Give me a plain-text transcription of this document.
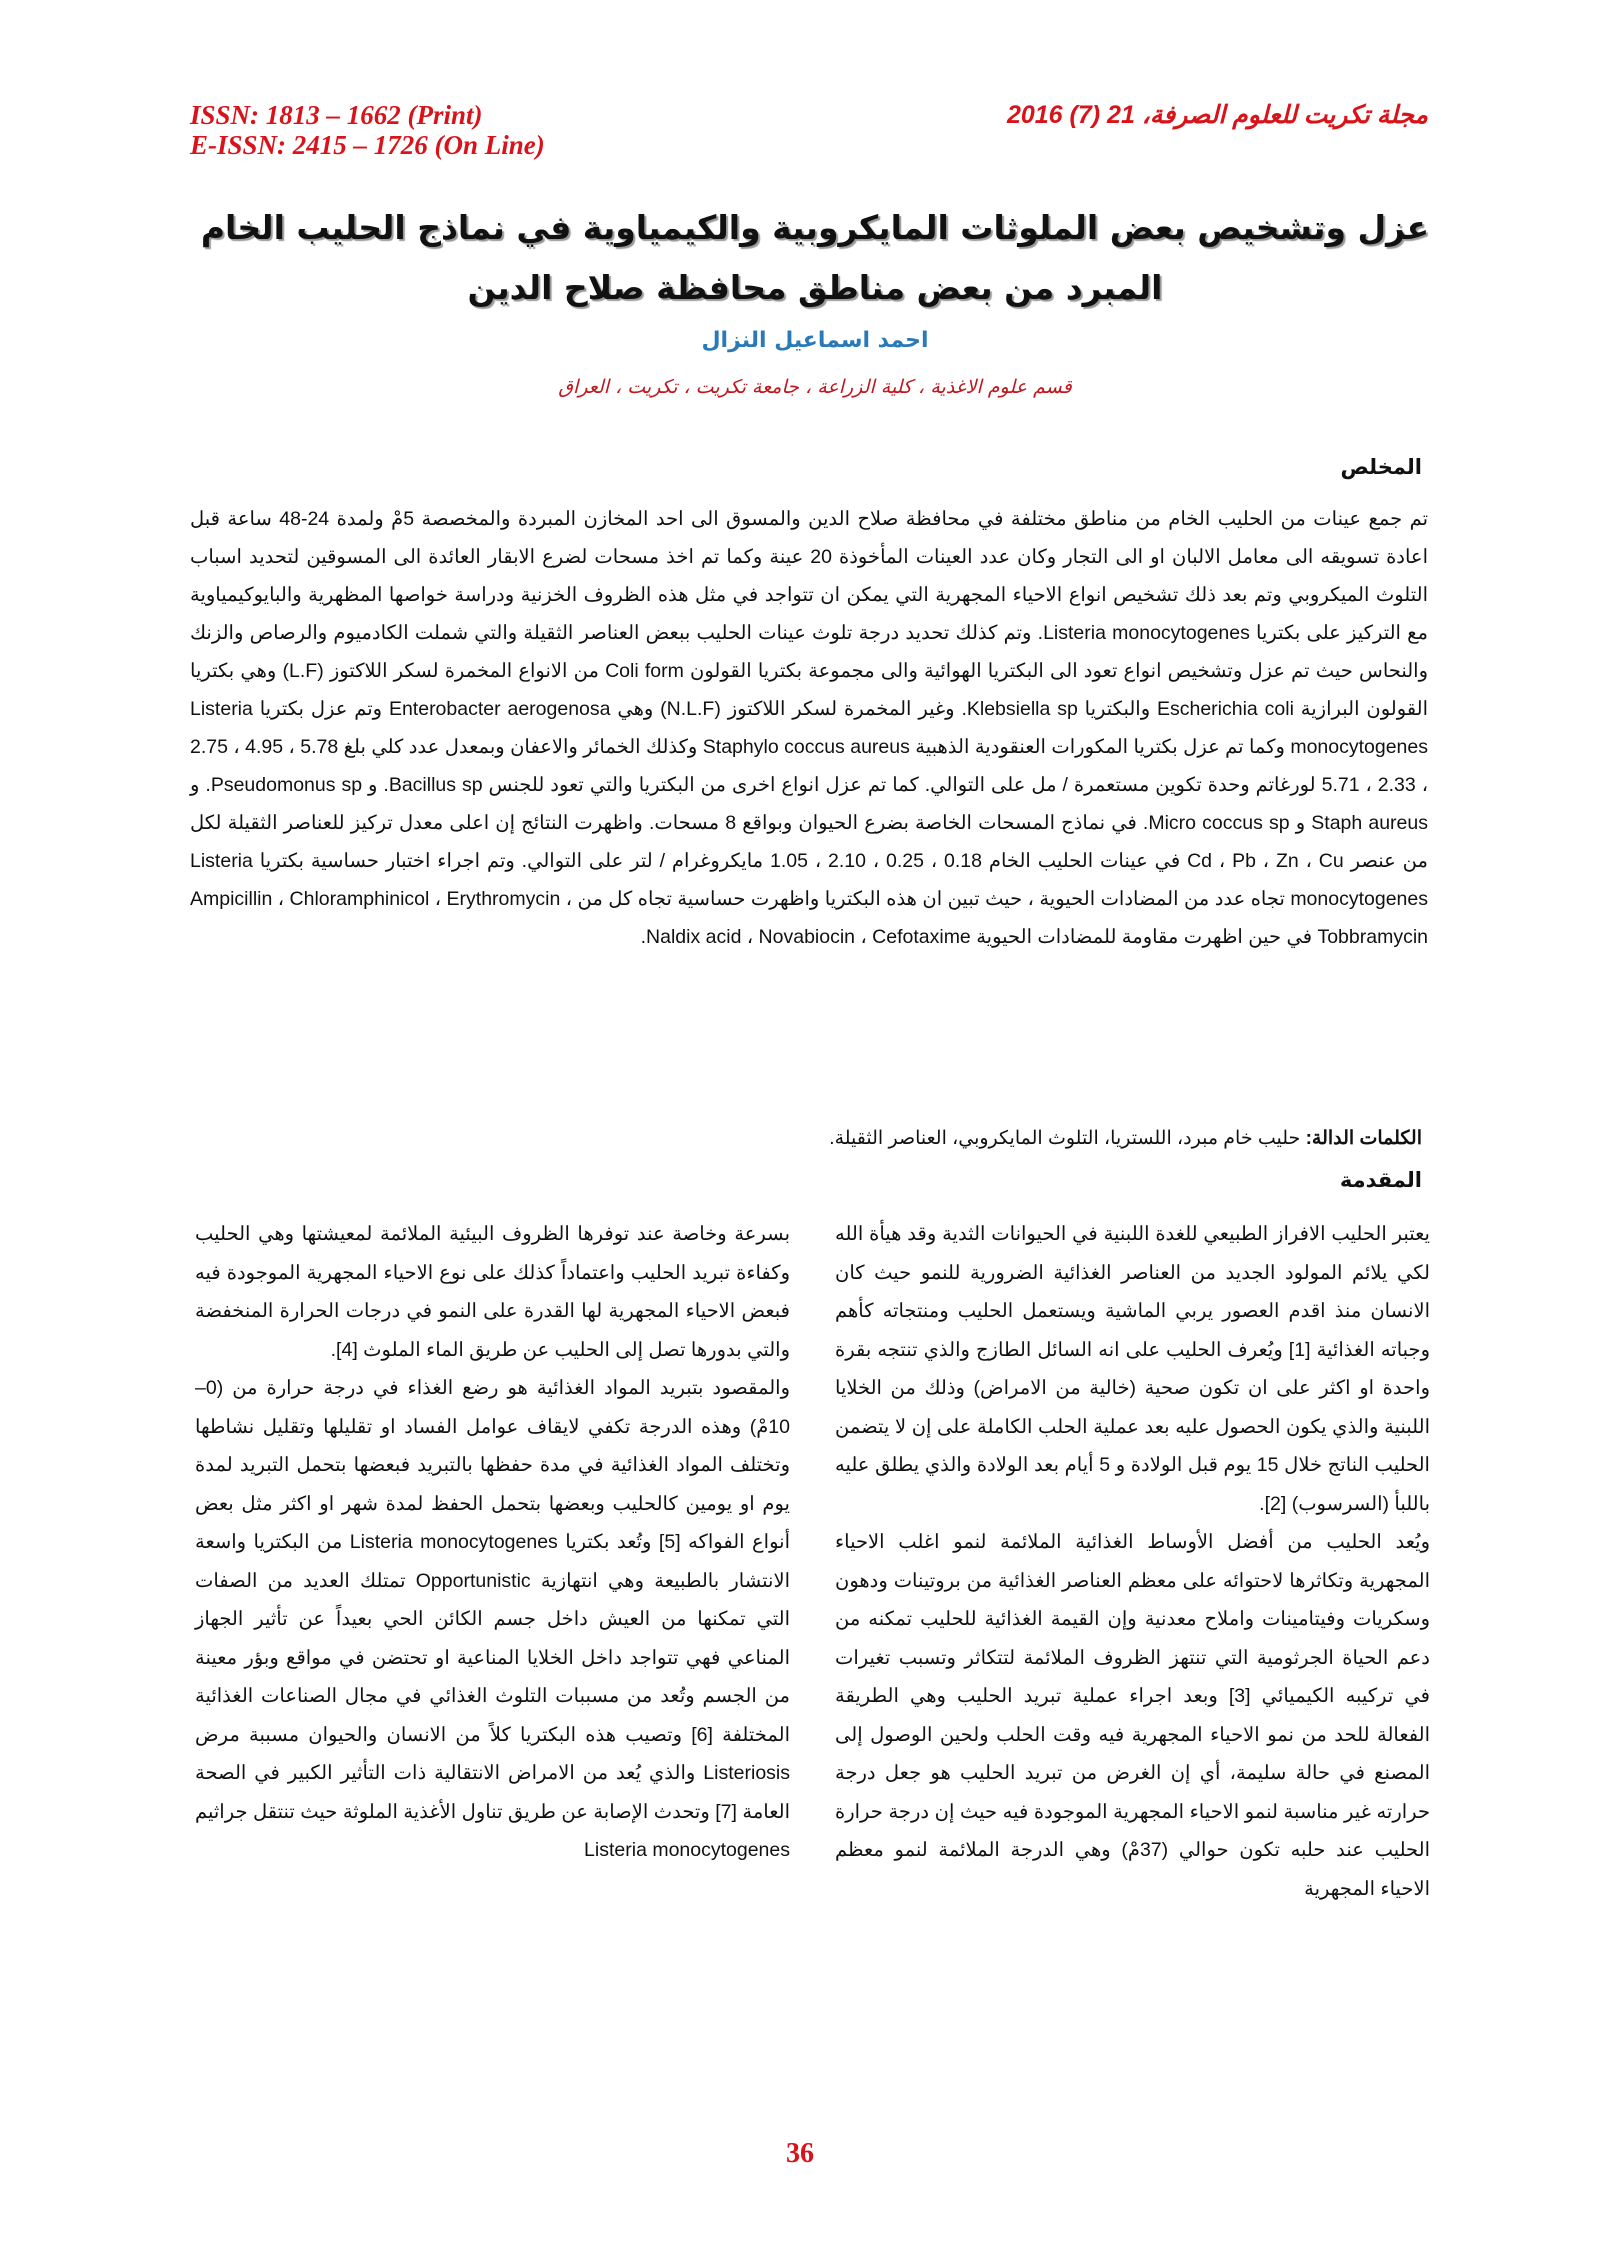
ISSN: 1813 – 1662 (Print)
E-ISSN: 2415 – 1726 (On Line)
مجلة تكريت للعلوم الصرفة، 21 (7) 2016
عزل وتشخيص بعض الملوثات المايكروبية والكيمياوية في نماذج الحليب الخام المبرد من بعض مناطق محافظة صلاح الدين
احمد اسماعيل النزال
قسم علوم الاغذية ، كلية الزراعة ، جامعة تكريت ، تكريت ، العراق
المخلص

تم جمع عينات من الحليب الخام من مناطق مختلفة في محافظة صلاح الدين والمسوق الى احد المخازن المبردة والمخصصة 5مْ ولمدة 24-48 ساعة قبل اعادة تسويقه الى معامل الالبان او الى التجار وكان عدد العينات المأخوذة 20 عينة وكما تم اخذ مسحات لضرع الابقار العائدة الى المسوقين لتحديد اسباب التلوث الميكروبي وتم بعد ذلك تشخيص انواع الاحياء المجهرية التي يمكن ان تتواجد في مثل هذه الظروف الخزنية ودراسة خواصها المظهرية والبايوكيمياوية مع التركيز على بكتريا Listeria monocytogenes. وتم كذلك تحديد درجة تلوث عينات الحليب ببعض العناصر الثقيلة والتي شملت الكادميوم والرصاص والزنك والنحاس حيث تم عزل وتشخيص انواع تعود الى البكتريا الهوائية والى مجموعة بكتريا القولون Coli form من الانواع المخمرة لسكر اللاكتوز (L.F) وهي بكتريا القولون البرازية Escherichia coli والبكتريا Klebsiella sp. وغير المخمرة لسكر اللاكتوز (N.L.F) وهي Enterobacter aerogenosa وتم عزل بكتريا Listeria monocytogenes وكما تم عزل بكتريا المكورات العنقودية الذهبية Staphylo coccus aureus وكذلك الخمائر والاعفان وبمعدل عدد كلي بلغ 5.78 ، 4.95 ، 2.75 ، 2.33 ، 5.71 لورغاتم وحدة تكوين مستعمرة / مل على التوالي. كما تم عزل انواع اخرى من البكتريا والتي تعود للجنس Bacillus sp. و Pseudomonus sp. و Staph aureus و Micro coccus sp. في نماذج المسحات الخاصة بضرع الحيوان وبواقع 8 مسحات. واظهرت النتائج إن اعلى معدل تركيز للعناصر الثقيلة لكل من عنصر Cd ، Pb ، Zn ، Cu في عينات الحليب الخام 0.18 ، 0.25 ، 2.10 ، 1.05 مايكروغرام / لتر على التوالي. وتم اجراء اختبار حساسية بكتريا Listeria monocytogenes تجاه عدد من المضادات الحيوية ، حيث تبين ان هذه البكتريا واظهرت حساسية تجاه كل من Ampicillin ، Chloramphinicol ، Erythromycin ، Tobbramycin في حين اظهرت مقاومة للمضادات الحيوية Naldix acid ، Novabiocin ، Cefotaxime.

الكلمات الدالة: حليب خام مبرد، اللستريا، التلوث المايكروبي، العناصر الثقيلة.
المقدمة

يعتبر الحليب الافراز الطبيعي للغدة اللبنية في الحيوانات الثدية وقد هيأة الله لكي يلائم المولود الجديد من العناصر الغذائية الضرورية للنمو حيث كان الانسان منذ اقدم العصور يربي الماشية ويستعمل الحليب ومنتجاته كأهم وجباته الغذائية [1] ويُعرف الحليب على انه السائل الطازج والذي تنتجه بقرة واحدة او اكثر على ان تكون صحية (خالية من الامراض) وذلك من الخلايا اللبنية والذي يكون الحصول عليه بعد عملية الحلب الكاملة على إن لا يتضمن الحليب الناتج خلال 15 يوم قبل الولادة و 5 أيام بعد الولادة والذي يطلق عليه باللبأ (السرسوب) [2].

ويُعد الحليب من أفضل الأوساط الغذائية الملائمة لنمو اغلب الاحياء المجهرية وتكاثرها لاحتوائه على معظم العناصر الغذائية من بروتينات ودهون وسكريات وفيتامينات واملاح معدنية وإن القيمة الغذائية للحليب تمكنه من دعم الحياة الجرثومية التي تنتهز الظروف الملائمة لتتكاثر وتسبب تغيرات في تركيبه الكيميائي [3] وبعد اجراء عملية تبريد الحليب وهي الطريقة الفعالة للحد من نمو الاحياء المجهرية فيه وقت الحلب ولحين الوصول إلى المصنع في حالة سليمة، أي إن الغرض من تبريد الحليب هو جعل درجة حرارته غير مناسبة لنمو الاحياء المجهرية الموجودة فيه حيث إن درجة حرارة الحليب عند حلبه تكون حوالي (37مْ) وهي الدرجة الملائمة لنمو معظم الاحياء المجهرية

بسرعة وخاصة عند توفرها الظروف البيئية الملائمة لمعيشتها وهي الحليب وكفاءة تبريد الحليب واعتماداً كذلك على نوع الاحياء المجهرية الموجودة فيه فبعض الاحياء المجهرية لها القدرة على النمو في درجات الحرارة المنخفضة والتي بدورها تصل إلى الحليب عن طريق الماء الملوث [4].

والمقصود بتبريد المواد الغذائية هو رضع الغذاء في درجة حرارة من (0–10مْ) وهذه الدرجة تكفي لايقاف عوامل الفساد او تقليلها وتقليل نشاطها وتختلف المواد الغذائية في مدة حفظها بالتبريد فبعضها بتحمل التبريد لمدة يوم او يومين كالحليب وبعضها بتحمل الحفظ لمدة شهر او اكثر مثل بعض أنواع الفواكه [5] وتُعد بكتريا Listeria monocytogenes من البكتريا واسعة الانتشار بالطبيعة وهي انتهازية Opportunistic تمتلك العديد من الصفات التي تمكنها من العيش داخل جسم الكائن الحي بعيداً عن تأثير الجهاز المناعي فهي تتواجد داخل الخلايا المناعية او تحتضن في مواقع وبؤر معينة من الجسم وتُعد من مسببات التلوث الغذائي في مجال الصناعات الغذائية المختلفة [6] وتصيب هذه البكتريا كلاً من الانسان والحيوان مسببة مرض Listeriosis والذي يُعد من الامراض الانتقالية ذات التأثير الكبير في الصحة العامة [7] وتحدث الإصابة عن طريق تناول الأغذية الملوثة حيث تنتقل جراثيم Listeria monocytogenes

36
